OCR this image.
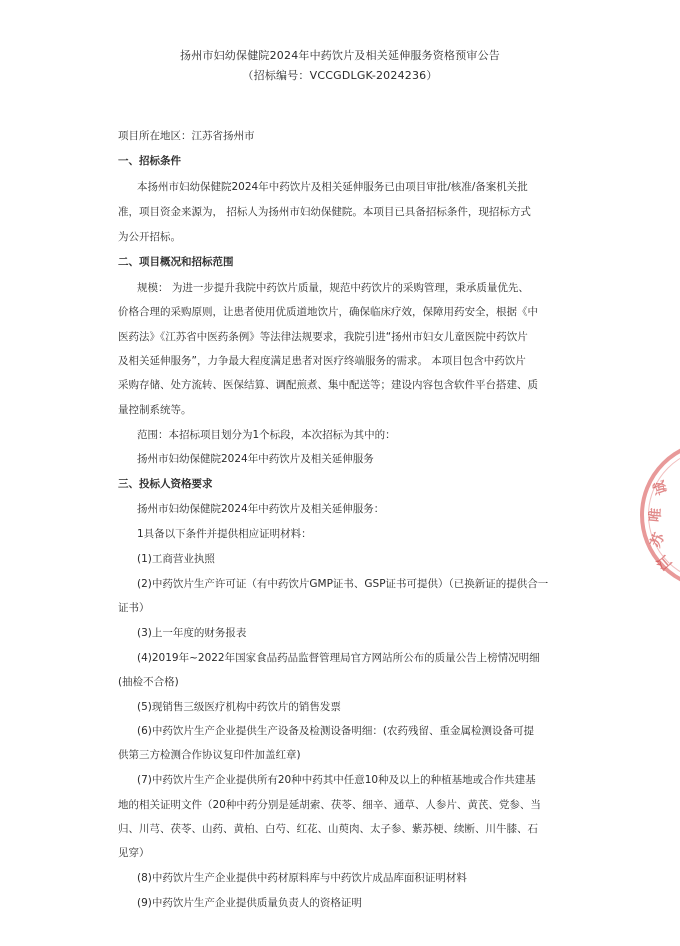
扬州市妇幼保健院2024年中药饮片及相关延伸服务资格预审公告
（招标编号：VCCGDLGK-2024236）
项目所在地区：江苏省扬州市
一、招标条件
本扬州市妇幼保健院2024年中药饮片及相关延伸服务已由项目审批/核准/备案机关批
准，项目资金来源为， 招标人为扬州市妇幼保健院。本项目已具备招标条件，现招标方式
为公开招标。
二、项目概况和招标范围
规模： 为进一步提升我院中药饮片质量，规范中药饮片的采购管理，秉承质量优先、
价格合理的采购原则，让患者使用优质道地饮片，确保临床疗效，保障用药安全，根据《中
医药法》《江苏省中医药条例》等法律法规要求，我院引进“扬州市妇女儿童医院中药饮片
及相关延伸服务”，力争最大程度满足患者对医疗终端服务的需求。 本项目包含中药饮片
采购存储、处方流转、医保结算、调配煎煮、集中配送等；建设内容包含软件平台搭建、质
量控制系统等。
范围：本招标项目划分为1个标段，本次招标为其中的：
扬州市妇幼保健院2024年中药饮片及相关延伸服务
三、投标人资格要求
扬州市妇幼保健院2024年中药饮片及相关延伸服务：
1具备以下条件并提供相应证明材料：
(1)工商营业执照
(2)中药饮片生产许可证（有中药饮片GMP证书、GSP证书可提供）（已换新证的提供合一
证书）
(3)上一年度的财务报表
(4)2019年~2022年国家食品药品监督管理局官方网站所公布的质量公告上榜情况明细
(抽检不合格)
(5)现销售三级医疗机构中药饮片的销售发票
(6)中药饮片生产企业提供生产设备及检测设备明细：(农药残留、重金属检测设备可提
供第三方检测合作协议复印件加盖红章)
(7)中药饮片生产企业提供所有20种中药其中任意10种及以上的种植基地或合作共建基
地的相关证明文件（20种中药分别是延胡索、茯苓、细辛、通草、人参片、黄芪、党参、当
归、川芎、茯苓、山药、黄柏、白芍、红花、山萸肉、太子参、紫苏梗、续断、川牛膝、石
见穿）
(8)中药饮片生产企业提供中药材原料库与中药饮片成品库面积证明材料
(9)中药饮片生产企业提供质量负责人的资格证明
江
苏
唯
诚
